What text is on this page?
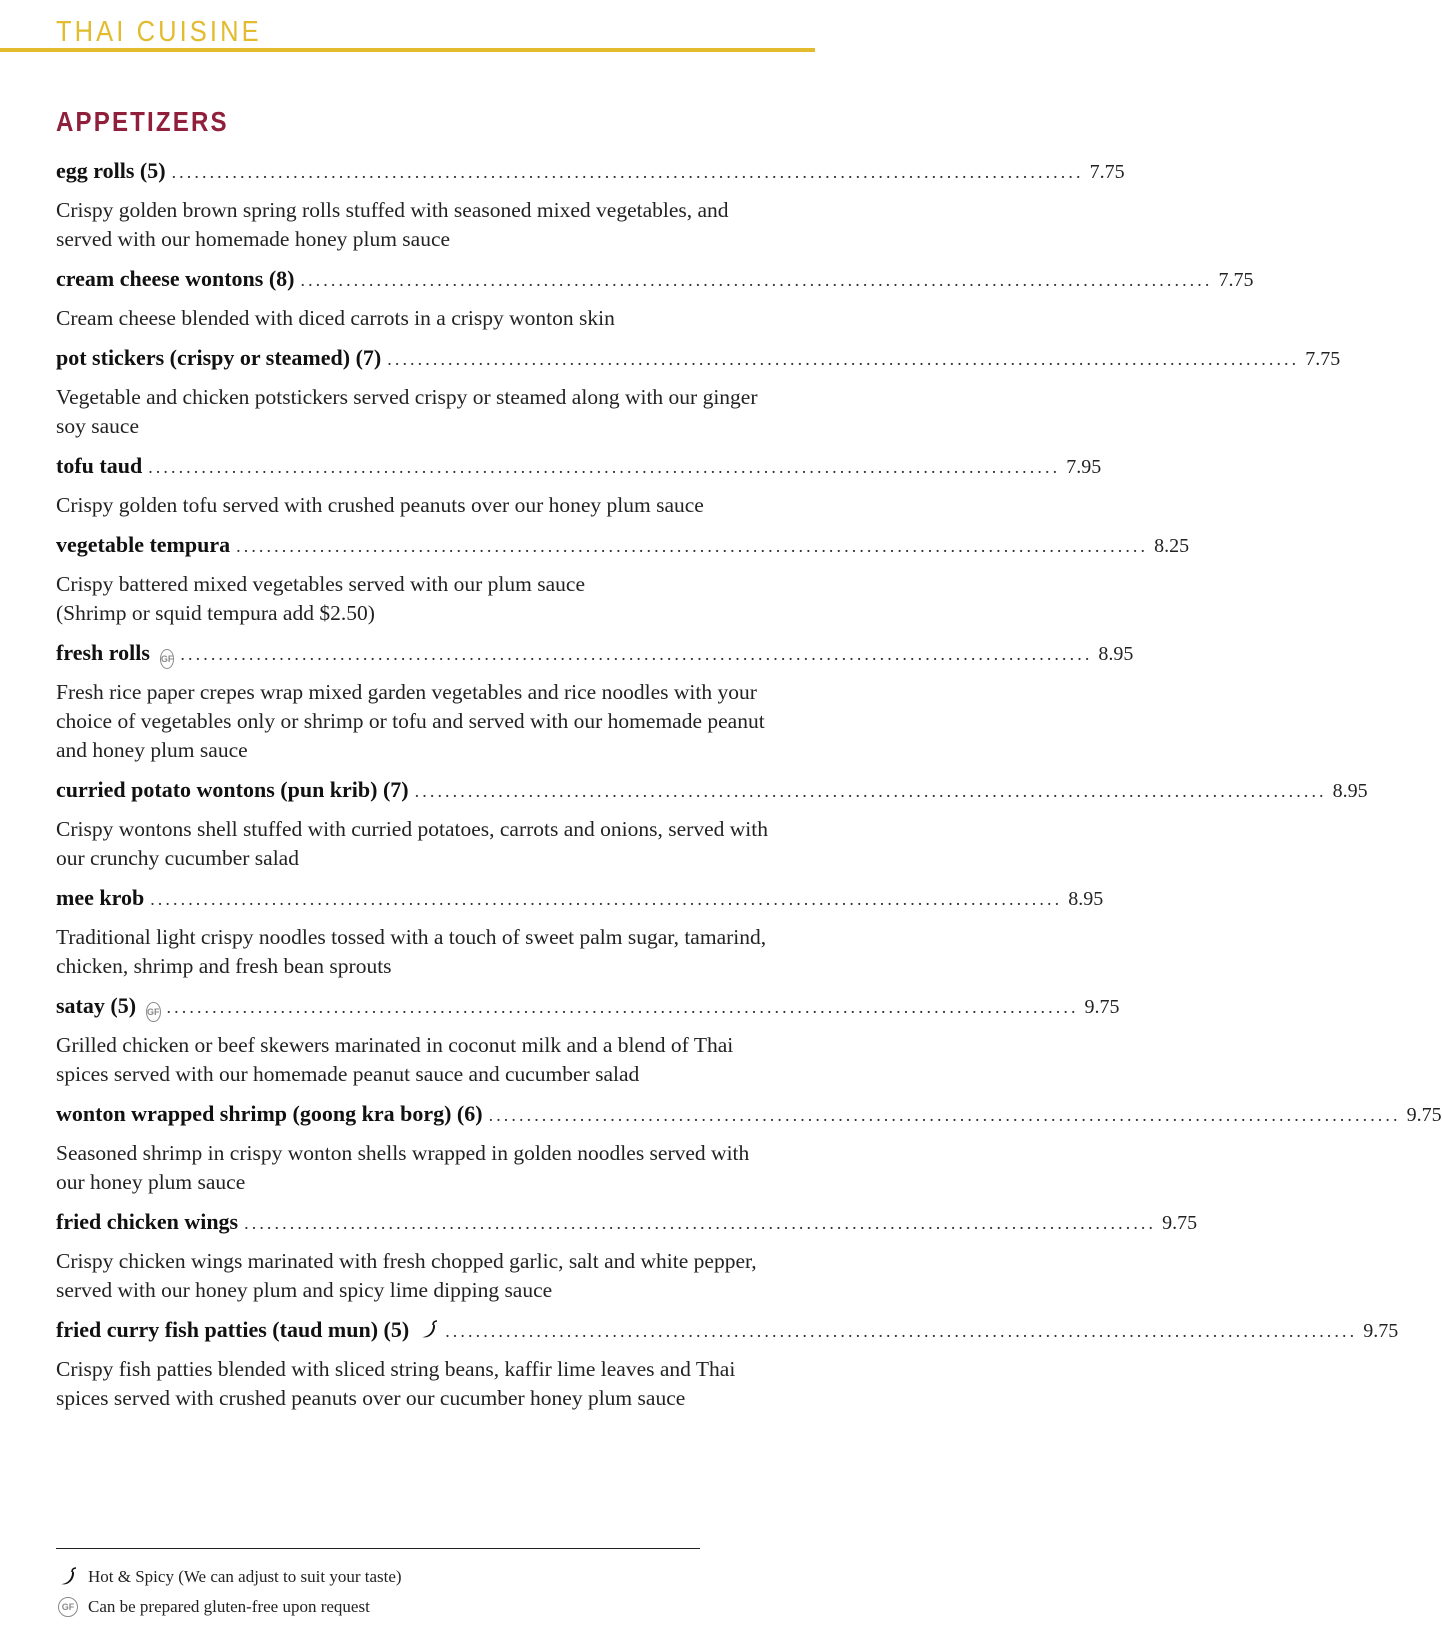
THAI CUISINE
APPETIZERS
egg rolls (5) ........................................................................................................................ 7.75
Crispy golden brown spring rolls stuffed with seasoned mixed vegetables, and served with our homemade honey plum sauce
cream cheese wontons (8) ........................................................................................................................ 7.75
Cream cheese blended with diced carrots in a crispy wonton skin
pot stickers (crispy or steamed) (7) ........................................................................................................................ 7.75
Vegetable and chicken potstickers served crispy or steamed along with our ginger soy sauce
tofu taud ........................................................................................................................ 7.95
Crispy golden tofu served with crushed peanuts over our honey plum sauce
vegetable tempura ........................................................................................................................ 8.25
Crispy battered mixed vegetables served with our plum sauce
(Shrimp or squid tempura add $2.50)
fresh rolls GF ........................................................................................................................ 8.95
Fresh rice paper crepes wrap mixed garden vegetables and rice noodles with your choice of vegetables only or shrimp or tofu and served with our homemade peanut and honey plum sauce
curried potato wontons (pun krib) (7) ........................................................................................................................ 8.95
Crispy wontons shell stuffed with curried potatoes, carrots and onions, served with our crunchy cucumber salad
mee krob ........................................................................................................................ 8.95
Traditional light crispy noodles tossed with a touch of sweet palm sugar, tamarind, chicken, shrimp and fresh bean sprouts
satay (5) GF ........................................................................................................................ 9.75
Grilled chicken or beef skewers marinated in coconut milk and a blend of Thai spices served with our homemade peanut sauce and cucumber salad
wonton wrapped shrimp (goong kra borg) (6) ........................................................................................................................ 9.75
Seasoned shrimp in crispy wonton shells wrapped in golden noodles served with our honey plum sauce
fried chicken wings ........................................................................................................................ 9.75
Crispy chicken wings marinated with fresh chopped garlic, salt and white pepper, served with our honey plum and spicy lime dipping sauce
fried curry fish patties (taud mun) (5) ........................................................................................................................ 9.75
Crispy fish patties blended with sliced string beans, kaffir lime leaves and Thai spices served with crushed peanuts over our cucumber honey plum sauce
Hot & Spicy (We can adjust to suit your taste)
GF Can be prepared gluten-free upon request
